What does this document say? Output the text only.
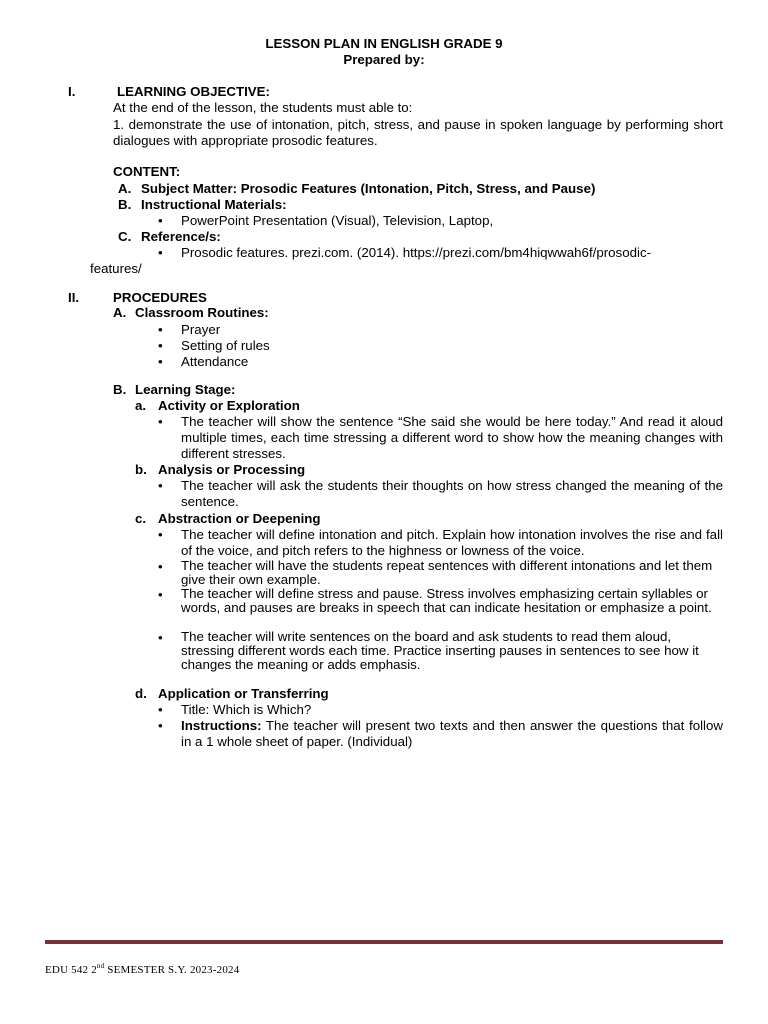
LESSON PLAN IN ENGLISH GRADE 9
Prepared by:
I.	LEARNING OBJECTIVE:
At the end of the lesson, the students must able to:
1. demonstrate the use of intonation, pitch, stress, and pause in spoken language by performing short dialogues with appropriate prosodic features.
CONTENT:
A. Subject Matter: Prosodic Features (Intonation, Pitch, Stress, and Pause)
B. Instructional Materials:
• PowerPoint Presentation (Visual), Television, Laptop,
C. Reference/s:
• Prosodic features. prezi.com. (2014). https://prezi.com/bm4hiqwwah6f/prosodic-
features/
II.	PROCEDURES
A. Classroom Routines:
• Prayer
• Setting of rules
• Attendance
B. Learning Stage:
a. Activity or Exploration
• The teacher will show the sentence “She said she would be here today.” And read it aloud multiple times, each time stressing a different word to show how the meaning changes with different stresses.
b. Analysis or Processing
• The teacher will ask the students their thoughts on how stress changed the meaning of the sentence.
c. Abstraction or Deepening
• The teacher will define intonation and pitch. Explain how intonation involves the rise and fall of the voice, and pitch refers to the highness or lowness of the voice.
• The teacher will have the students repeat sentences with different intonations and let them give their own example.
• The teacher will define stress and pause. Stress involves emphasizing certain syllables or words, and pauses are breaks in speech that can indicate hesitation or emphasize a point.
• The teacher will write sentences on the board and ask students to read them aloud, stressing different words each time. Practice inserting pauses in sentences to see how it changes the meaning or adds emphasis.
d. Application or Transferring
• Title: Which is Which?
• Instructions: The teacher will present two texts and then answer the questions that follow in a 1 whole sheet of paper. (Individual)
EDU 542 2nd SEMESTER S.Y. 2023-2024
